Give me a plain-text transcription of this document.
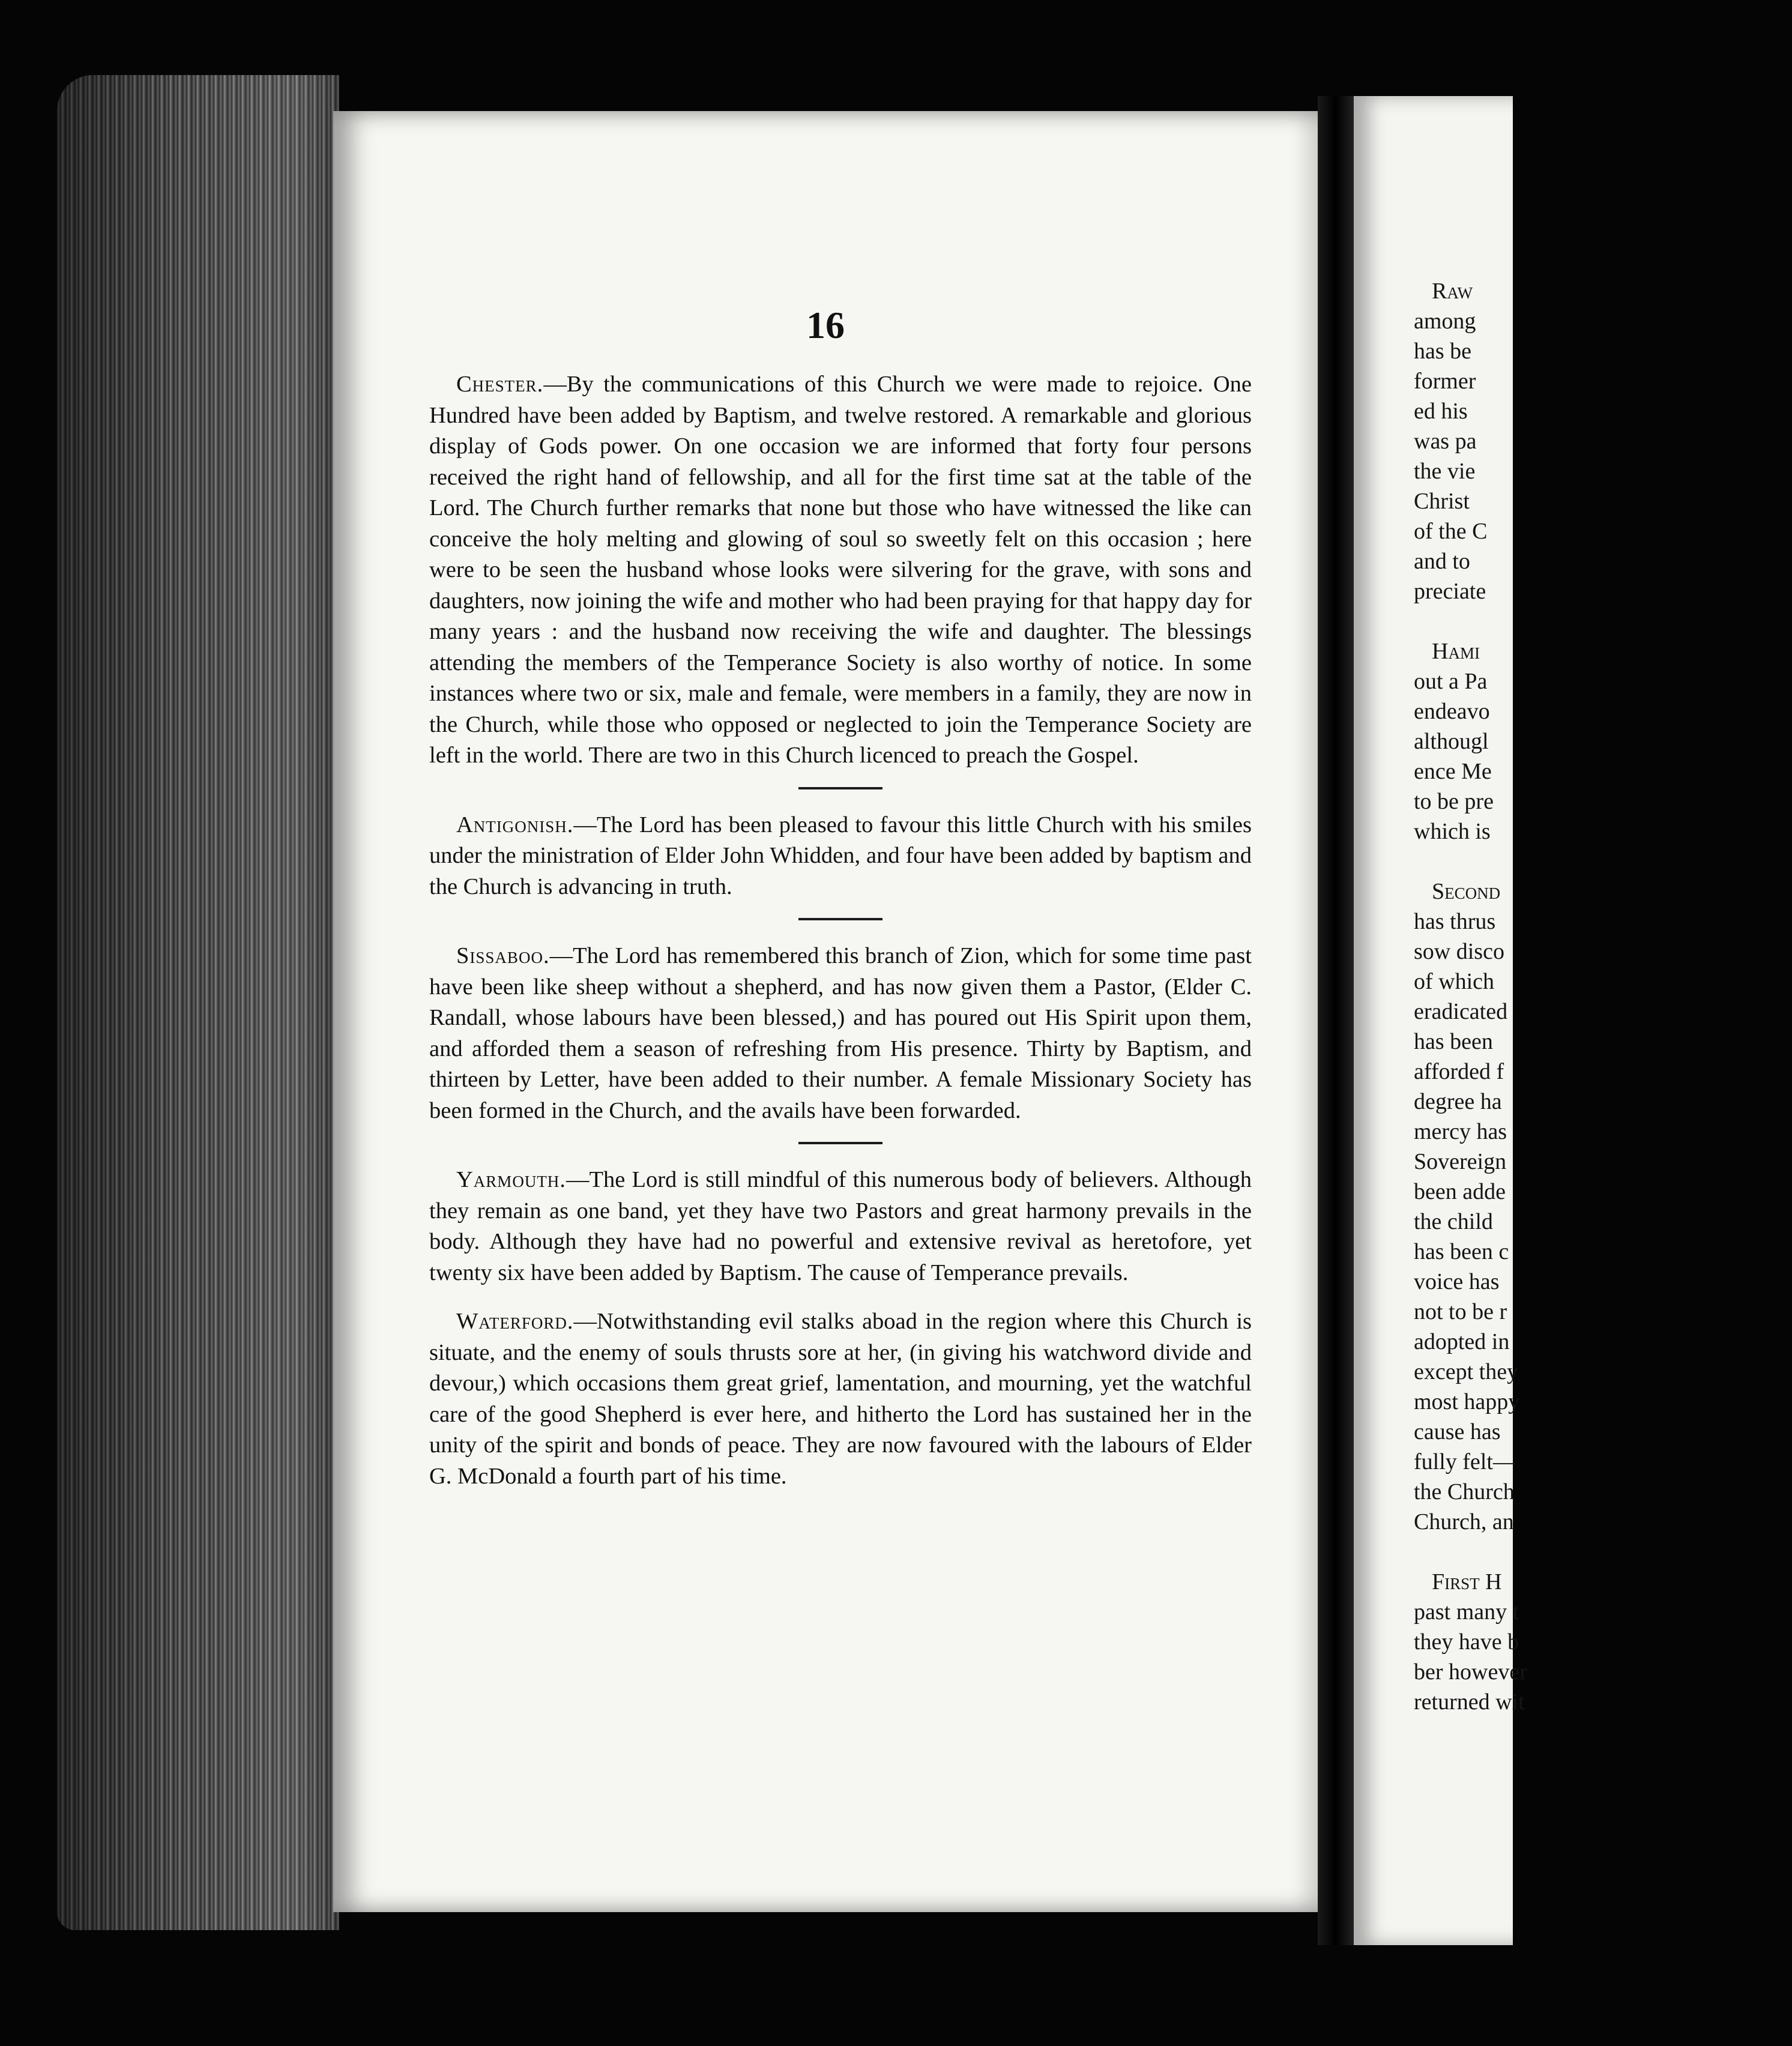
16

Chester.—By the communications of this Church we were made to rejoice. One Hundred have been added by Baptism, and twelve restored. A remarkable and glorious display of Gods power. On one occasion we are informed that forty four persons received the right hand of fellowship, and all for the first time sat at the table of the Lord. The Church further remarks that none but those who have witnessed the like can conceive the holy melting and glowing of soul so sweetly felt on this occasion ; here were to be seen the husband whose looks were silvering for the grave, with sons and daughters, now joining the wife and mother who had been praying for that happy day for many years : and the husband now receiving the wife and daughter. The blessings attending the members of the Temperance Society is also worthy of notice. In some instances where two or six, male and female, were members in a family, they are now in the Church, while those who opposed or neglected to join the Temperance Society are left in the world. There are two in this Church licenced to preach the Gospel.

Antigonish.—The Lord has been pleased to favour this little Church with his smiles under the ministration of Elder John Whidden, and four have been added by baptism and the Church is advancing in truth.

Sissaboo.—The Lord has remembered this branch of Zion, which for some time past have been like sheep without a shepherd, and has now given them a Pastor, (Elder C. Randall, whose labours have been blessed,) and has poured out His Spirit upon them, and afforded them a season of refreshing from His presence. Thirty by Baptism, and thirteen by Letter, have been added to their number. A female Missionary Society has been formed in the Church, and the avails have been forwarded.

Yarmouth.—The Lord is still mindful of this numerous body of believers. Although they remain as one band, yet they have two Pastors and great harmony prevails in the body. Although they have had no powerful and extensive revival as heretofore, yet twenty six have been added by Baptism. The cause of Temperance prevails.

Waterford.—Notwithstanding evil stalks aboad in the region where this Church is situate, and the enemy of souls thrusts sore at her, (in giving his watchword divide and devour,) which occasions them great grief, lamentation, and mourning, yet the watchful care of the good Shepherd is ever here, and hitherto the Lord has sustained her in the unity of the spirit and bonds of peace. They are now favoured with the labours of Elder G. McDonald a fourth part of his time.

Raw
among
has be
former
ed his
was pa
the vie
Christ
of the C
and to
preciate
Hami
out a Pa
endeavo
althougl
ence Me
to be pre
which is
Second
has thrus
sow disco
of which
eradicated
has been
afforded f
degree ha
mercy has
Sovereign
been adde
the child
has been c
voice has
not to be r
adopted in
except they
most happy
cause has
fully felt—
the Church
Church, an
First H
past many t
they have b
ber however
returned wit
